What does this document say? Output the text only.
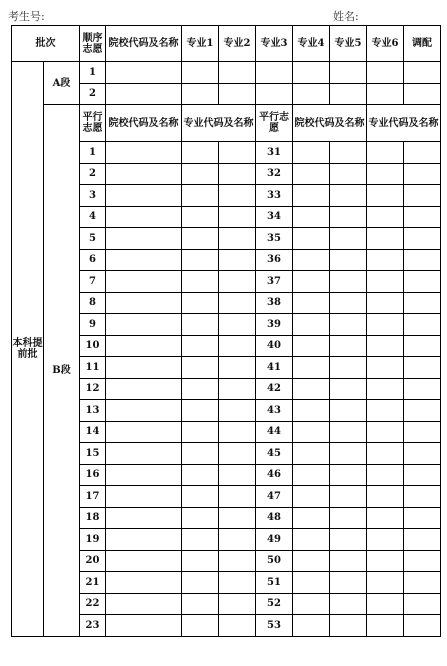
考生号:	姓名:
批次		顺序志愿	院校代码及名称	专业1	专业2	专业3	专业4	专业5	专业6	调配
本科提前批	A段	1								
		2								
	B段	平行志愿	院校代码及名称	专业代码及名称		平行志愿	院校代码及名称		专业代码及名称	
		1				31				
		2				32				
		3				33				
		4				34				
		5				35				
		6				36				
		7				37				
		8				38				
		9				39				
		10				40				
		11				41				
		12				42				
		13				43				
		14				44				
		15				45				
		16				46				
		17				47				
		18				48				
		19				49				
		20				50				
		21				51				
		22				52				
		23				53				
